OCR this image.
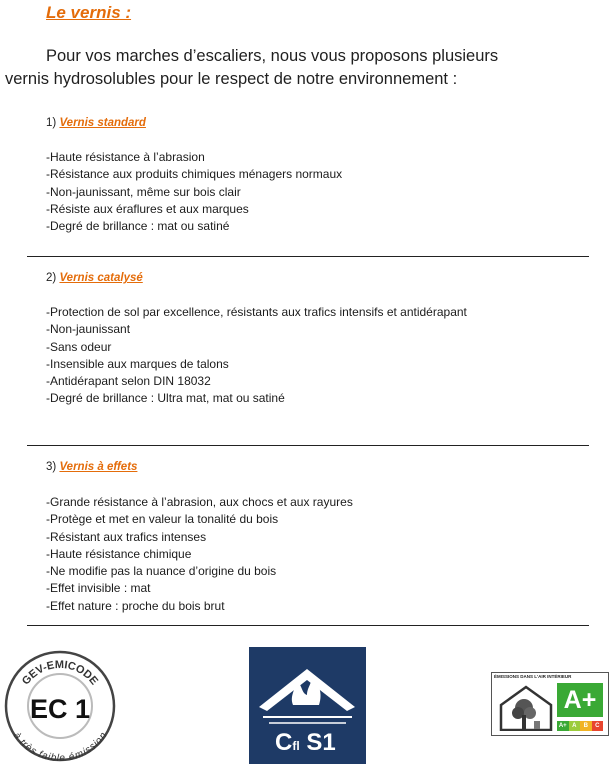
Le vernis :
Pour vos marches d’escaliers, nous vous proposons plusieurs
vernis hydrosolubles pour le respect de notre environnement :
1) Vernis standard
-Haute résistance à l’abrasion
-Résistance aux produits chimiques ménagers normaux
-Non-jaunissant, même sur bois clair
-Résiste aux éraflures et aux marques
-Degré de brillance : mat ou satiné
2) Vernis catalysé
-Protection de sol par excellence, résistants aux trafics intensifs et antidérapant
-Non-jaunissant
-Sans odeur
-Insensible aux marques de talons
-Antidérapant selon DIN 18032
-Degré de brillance : Ultra mat, mat ou satiné
3) Vernis à effets
-Grande résistance à l’abrasion, aux chocs et aux rayures
-Protège et met en valeur la tonalité du bois
-Résistant aux trafics intenses
-Haute résistance chimique
-Ne modifie pas la nuance d’origine du bois
-Effet invisible : mat
-Effet nature : proche du bois brut
GEV-EMICODE
à très faible émission
EC 1
Cfl S1
ÉMISSIONS DANS L'AIR INTÉRIEUR
A+
A+ A	B	C
